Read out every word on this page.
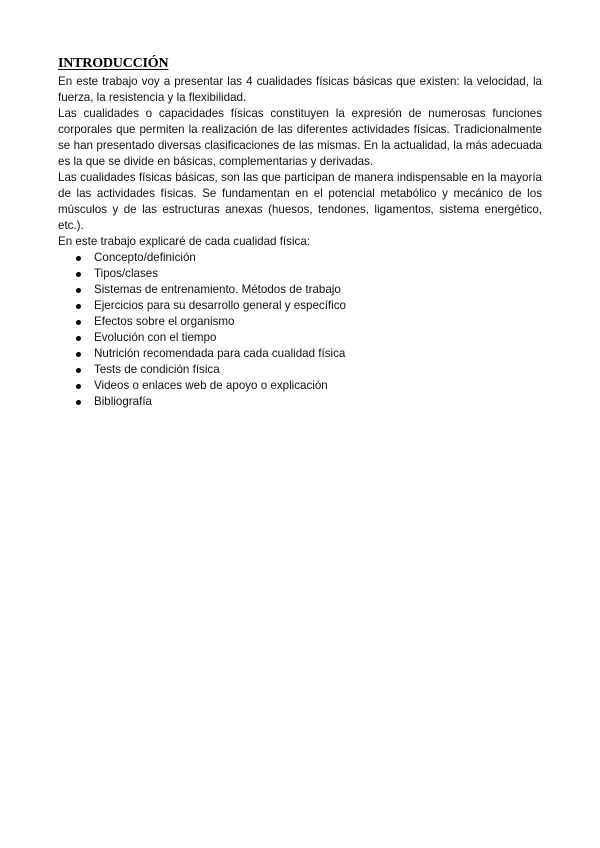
INTRODUCCIÓN

En este trabajo voy a presentar las 4 cualidades físicas básicas que existen: la velocidad, la fuerza, la resistencia y la flexibilidad.

Las cualidades o capacidades físicas constituyen la expresión de numerosas funciones corporales que permiten la realización de las diferentes actividades físicas. Tradicionalmente se han presentado diversas clasificaciones de las mismas. En la actualidad, la más adecuada es la que se divide en básicas, complementarias y derivadas.

Las cualidades físicas básicas, son las que participan de manera indispensable en la mayoría de las actividades físicas. Se fundamentan en el potencial metabólico y mecánico de los músculos y de las estructuras anexas (huesos, tendones, ligamentos, sistema energético, etc.).

En este trabajo explicaré de cada cualidad física:

Concepto/definición
Tipos/clases
Sistemas de entrenamiento. Métodos de trabajo
Ejercicios para su desarrollo general y específico
Efectos sobre el organismo
Evolución con el tiempo
Nutrición recomendada para cada cualidad física
Tests de condición física
Videos o enlaces web de apoyo o explicación
Bibliografía
